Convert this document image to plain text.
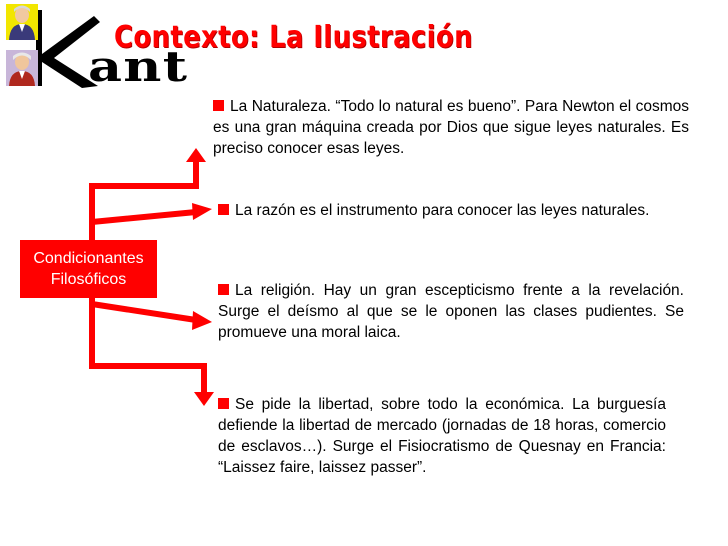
ant
Contexto: La Ilustración
Condicionantes
Filosóficos
La Naturaleza. “Todo lo natural es bueno”. Para Newton el cosmos es una gran máquina creada por Dios que sigue leyes naturales. Es preciso conocer esas leyes.
La razón es el instrumento para conocer las leyes naturales.
La religión. Hay un gran escepticismo frente a la revelación. Surge el deísmo al que se le oponen las clases pudientes. Se promueve una moral laica.
Se pide la libertad, sobre todo la económica. La burguesía defiende la libertad de mercado (jornadas de 18 horas, comercio de esclavos…). Surge el Fisiocratismo de Quesnay en Francia: “Laissez faire, laissez passer”.
